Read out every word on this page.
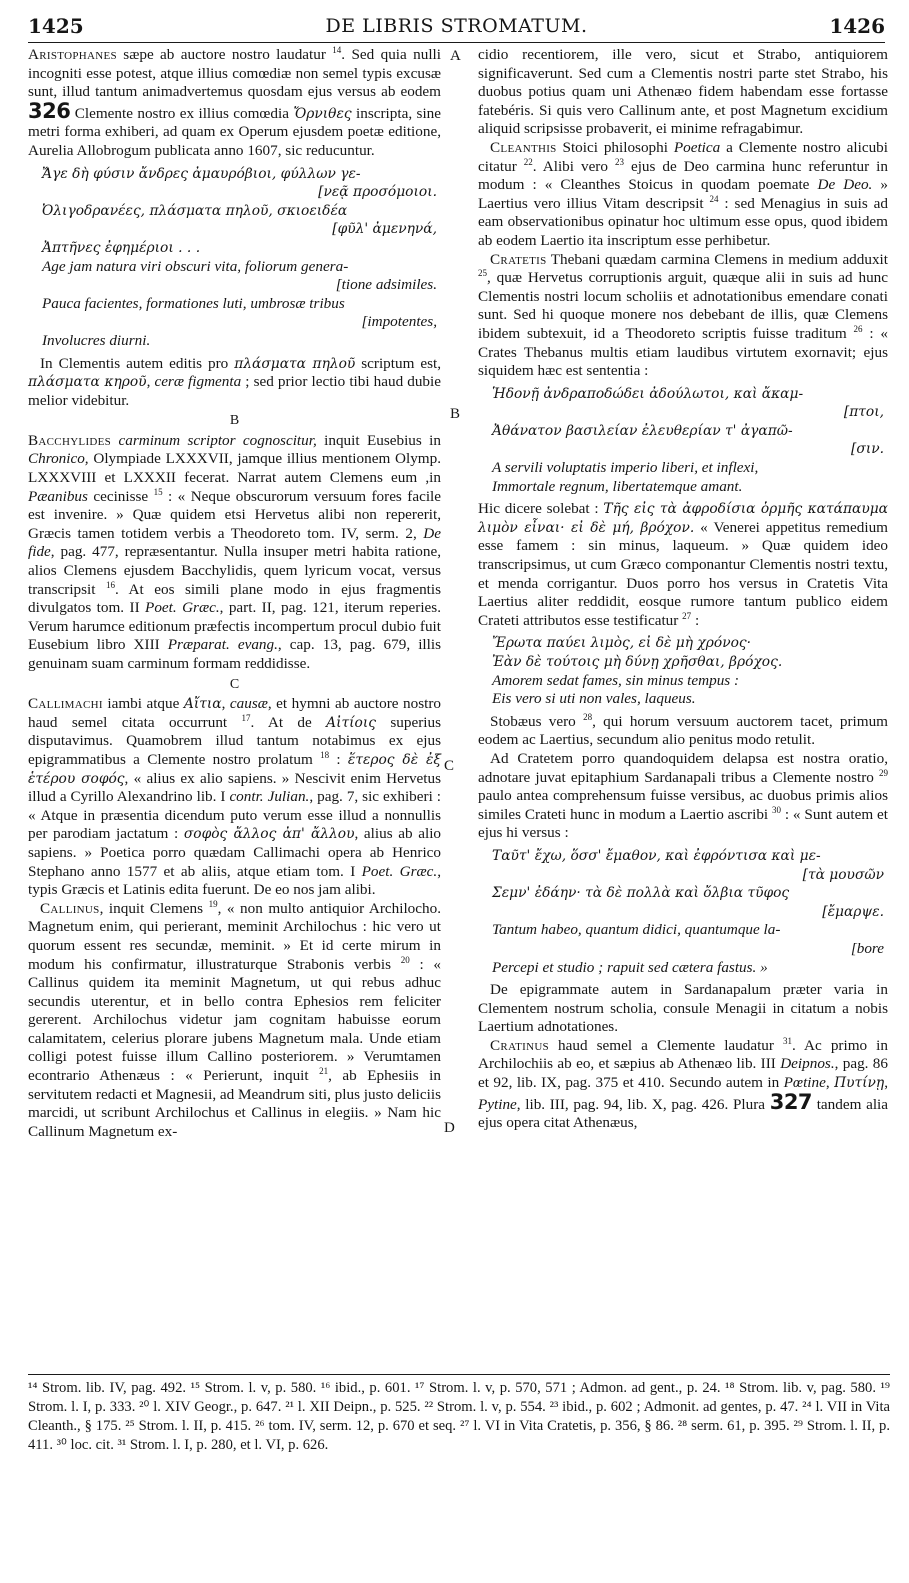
1425	DE LIBRIS STROMATUM.	1426
A
B
C
D

Aristophanes sæpe ab auctore nostro laudatur $^{14}$. Sed quia nulli incogniti esse potest, atque illius comœdiæ non semel typis excusæ sunt, illud tantum animadvertemus quosdam ejus versus ab eodem 326 Clemente nostro ex illius comœdia Ὄρνιθες inscripta, sine metri forma exhiberi, ad quam ex Operum ejusdem poetæ editione, Aurelia Allobrogum publicata anno 1607, sic reducuntur.

Ἄγε δὴ φύσιν ἄνδρες ἀμαυρόβιοι, φύλλων γε-
[νεᾷ προσόμοιοι.
Ὀλιγοδρανέες, πλάσματα πηλοῦ, σκιοειδέα
[φῦλ' ἀμενηνά,
Ἀπτῆνες ἐφημέριοι . . .
Age jam natura viri obscuri vita, foliorum genera-
[tione adsimiles.
Pauca facientes, formationes luti, umbrosæ tribus
[impotentes,
Involucres diurni.

In Clementis autem editis pro πλάσματα πηλοῦ scriptum est, πλάσματα κηροῦ, ceræ figmenta ; sed prior lectio tibi haud dubie melior videbitur.

B

Bacchylides carminum scriptor cognoscitur, inquit Eusebius in Chronico, Olympiade LXXXVII, jamque illius mentionem Olymp. LXXXVIII et LXXXII fecerat. Narrat autem Clemens eum ,in Pæanibus cecinisse $^{15}$ : « Neque obscurorum versuum fores facile est invenire. » Quæ quidem etsi Hervetus alibi non repererit, Græcis tamen totidem verbis a Theodoreto tom. IV, serm. 2, De fide, pag. 477, repræsentantur. Nulla insuper metri habita ratione, alios Clemens ejusdem Bacchylidis, quem lyricum vocat, versus transcripsit $^{16}$. At eos simili plane modo in ejus fragmentis divulgatos tom. II Poet. Græc., part. II, pag. 121, iterum reperies. Verum harumce editionum præfectis incompertum procul dubio fuit Eusebium libro XIII Præparat. evang., cap. 13, pag. 679, illis genuinam suam carminum formam reddidisse.

C

Callimachi iambi atque Αἴτια, causæ, et hymni ab auctore nostro haud semel citata occurrunt $^{17}$. At de Αἰτίοις superius disputavimus. Quamobrem illud tantum notabimus ex ejus epigrammatibus a Clemente nostro prolatum $^{18}$ : ἕτερος δὲ ἐξ ἑτέρου σοφός, « alius ex alio sapiens. » Nescivit enim Hervetus illud a Cyrillo Alexandrino lib. I contr. Julian., pag. 7, sic exhiberi : « Atque in præsentia dicendum puto verum esse illud a nonnullis per parodiam jactatum : σοφὸς ἄλλος ἀπ' ἄλλου, alius ab alio sapiens. » Poetica porro quædam Callimachi opera ab Henrico Stephano anno 1577 et ab aliis, atque etiam tom. I Poet. Græc., typis Græcis et Latinis edita fuerunt. De eo nos jam alibi.

Callinus, inquit Clemens $^{19}$, « non multo antiquior Archilocho. Magnetum enim, qui perierant, meminit Archilochus : hic vero ut quorum essent res secundæ, meminit. » Et id certe mirum in modum his confirmatur, illustraturque Strabonis verbis $^{20}$ : « Callinus quidem ita meminit Magnetum, ut qui rebus adhuc secundis uterentur, et in bello contra Ephesios rem feliciter gererent. Archilochus videtur jam cognitam habuisse eorum calamitatem, celerius plorare jubens Magnetum mala. Unde etiam colligi potest fuisse illum Callino posteriorem. » Verumtamen econtrario Athenæus : « Perierunt, inquit $^{21}$, ab Ephesiis in servitutem redacti et Magnesii, ad Meandrum siti, plus justo deliciis marcidi, ut scribunt Archilochus et Callinus in elegiis. » Nam hic Callinum Magnetum ex-

cidio recentiorem, ille vero, sicut et Strabo, antiquiorem significaverunt. Sed cum a Clementis nostri parte stet Strabo, his duobus potius quam uni Athenæo fidem habendam esse fortasse fatebéris. Si quis vero Callinum ante, et post Magnetum excidium aliquid scripsisse probaverit, ei minime refragabimur.

Cleanthis Stoici philosophi Poetica a Clemente nostro alicubi citatur $^{22}$. Alibi vero $^{23}$ ejus de Deo carmina hunc referuntur in modum : « Cleanthes Stoicus in quodam poemate De Deo. » Laertius vero illius Vitam descripsit $^{24}$ : sed Menagius in suis ad eam observationibus opinatur hoc ultimum esse opus, quod ibidem ab eodem Laertio ita inscriptum esse perhibetur.

Cratetis Thebani quædam carmina Clemens in medium adduxit $^{25}$, quæ Hervetus corruptionis arguit, quæque alii in suis ad hunc Clementis nostri locum scholiis et adnotationibus emendare conati sunt. Sed hi quoque monere nos debebant de illis, quæ Clemens ibidem subtexuit, id a Theodoreto scriptis fuisse traditum $^{26}$ : « Crates Thebanus multis etiam laudibus virtutem exornavit; ejus siquidem hæc est sententia :

Ἡδονῇ ἀνδραποδώδει ἀδούλωτοι, καὶ ἄκαμ-
[πτοι,
Ἀθάνατον βασιλείαν ἐλευθερίαν τ' ἀγαπῶ-
[σιν.
A servili voluptatis imperio liberi, et inflexi,
Immortale regnum, libertatemque amant.

Hic dicere solebat : Τῆς εἰς τὰ ἀφροδίσια ὁρμῆς κατάπαυμα λιμὸν εἶναι· εἰ δὲ μή, βρόχον. « Venerei appetitus remedium esse famem : sin minus, laqueum. » Quæ quidem ideo transcripsimus, ut cum Græco componantur Clementis nostri textu, et menda corrigantur. Duos porro hos versus in Cratetis Vita Laertius aliter reddidit, eosque rumore tantum publico eidem Crateti attributos esse testificatur $^{27}$ :

Ἔρωτα παύει λιμὸς, εἰ δὲ μὴ χρόνος·
Ἐὰν δὲ τούτοις μὴ δύνῃ χρῆσθαι, βρόχος.
Amorem sedat fames, sin minus tempus :
Eis vero si uti non vales, laqueus.

Stobæus vero $^{28}$, qui horum versuum auctorem tacet, primum eodem ac Laertius, secundum alio penitus modo retulit.

Ad Cratetem porro quandoquidem delapsa est nostra oratio, adnotare juvat epitaphium Sardanapali tribus a Clemente nostro $^{29}$ paulo antea comprehensum fuisse versibus, ac duobus primis alios similes Crateti hunc in modum a Laertio ascribi $^{30}$ : « Sunt autem et ejus hi versus :

Ταῦτ' ἔχω, ὅσσ' ἔμαθον, καὶ ἐφρόντισα καὶ με-
[τὰ μουσῶν
Σεμν' ἐδάην· τὰ δὲ πολλὰ καὶ ὄλβια τῦφος
[ἔμαρψε.
Tantum habeo, quantum didici, quantumque la-
[bore
Percepi et studio ; rapuit sed cætera fastus. »

De epigrammate autem in Sardanapalum præter varia in Clementem nostrum scholia, consule Menagii in citatum a nobis Laertium adnotationes.

Cratinus haud semel a Clemente laudatur $^{31}$. Ac primo in Archilochiis ab eo, et sæpius ab Athenæo lib. III Deipnos., pag. 86 et 92, lib. IX, pag. 375 et 410. Secundo autem in Pœtine, Πυτίνῃ, Pytine, lib. III, pag. 94, lib. X, pag. 426. Plura 327 tandem alia ejus opera citat Athenæus,

¹⁴ Strom. lib. IV, pag. 492. ¹⁵ Strom. l. v, p. 580. ¹⁶ ibid., p. 601. ¹⁷ Strom. l. v, p. 570, 571 ; Admon. ad gent., p. 24. ¹⁸ Strom. lib. v, pag. 580. ¹⁹ Strom. l. I, p. 333. ²⁰ l. XIV Geogr., p. 647. ²¹ l. XII Deipn., p. 525. ²² Strom. l. v, p. 554. ²³ ibid., p. 602 ; Admonit. ad gentes, p. 47. ²⁴ l. VII in Vita Cleanth., § 175. ²⁵ Strom. l. II, p. 415. ²⁶ tom. IV, serm. 12, p. 670 et seq. ²⁷ l. VI in Vita Cratetis, p. 356, § 86. ²⁸ serm. 61, p. 395. ²⁹ Strom. l. II, p. 411. ³⁰ loc. cit. ³¹ Strom. l. I, p. 280, et l. VI, p. 626.
